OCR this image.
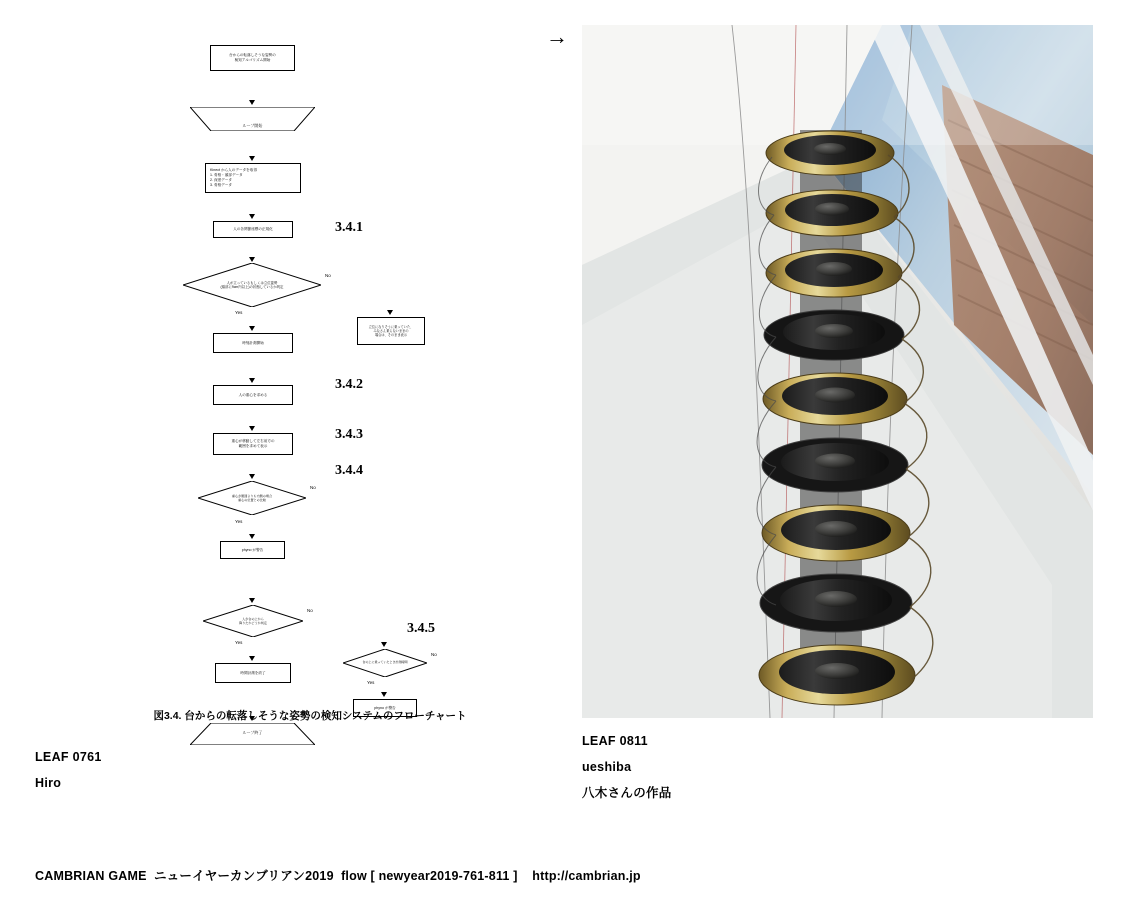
台からの転落しそうな姿勢の
検知アルゴリズム開始
ループ開始
Kinect から人のデータを取得
1. 骨格・頭部データ
2. 深度データ
3. 骨格データ
人の各関節座標の正規化	3.4.1
人が立っているもしくは立位姿勢
(頭部に9cm内以上)の状態しているか判定
Yes
No
立位になりそうに乗っていた、
みなさん乗らないままの
場合は、そのまま表示
時刻計測開始
人の重心を求める
3.4.2
重心が移動して左右前方の
範囲を求めて表示
3.4.3
重心が範囲よりも内側の場合
重心の位置との比較
3.4.4
Yes
No
phyno が警告
人が台の上から
降りたかどうか判定
Yes
No
時間計測を終了
台の上に乗っていたとき計測時間
3.4.5
Yes
No
phyno が警告
ループ終了
図3.4. 台からの転落しそうな姿勢の検知システムのフローチャート
LEAF 0761
Hiro
→
LEAF 0811
ueshiba
八木さんの作品
CAMBRIAN GAME  ニューイヤーカンブリアン2019  flow [ newyear2019-761-811 ]    http://cambrian.jp
